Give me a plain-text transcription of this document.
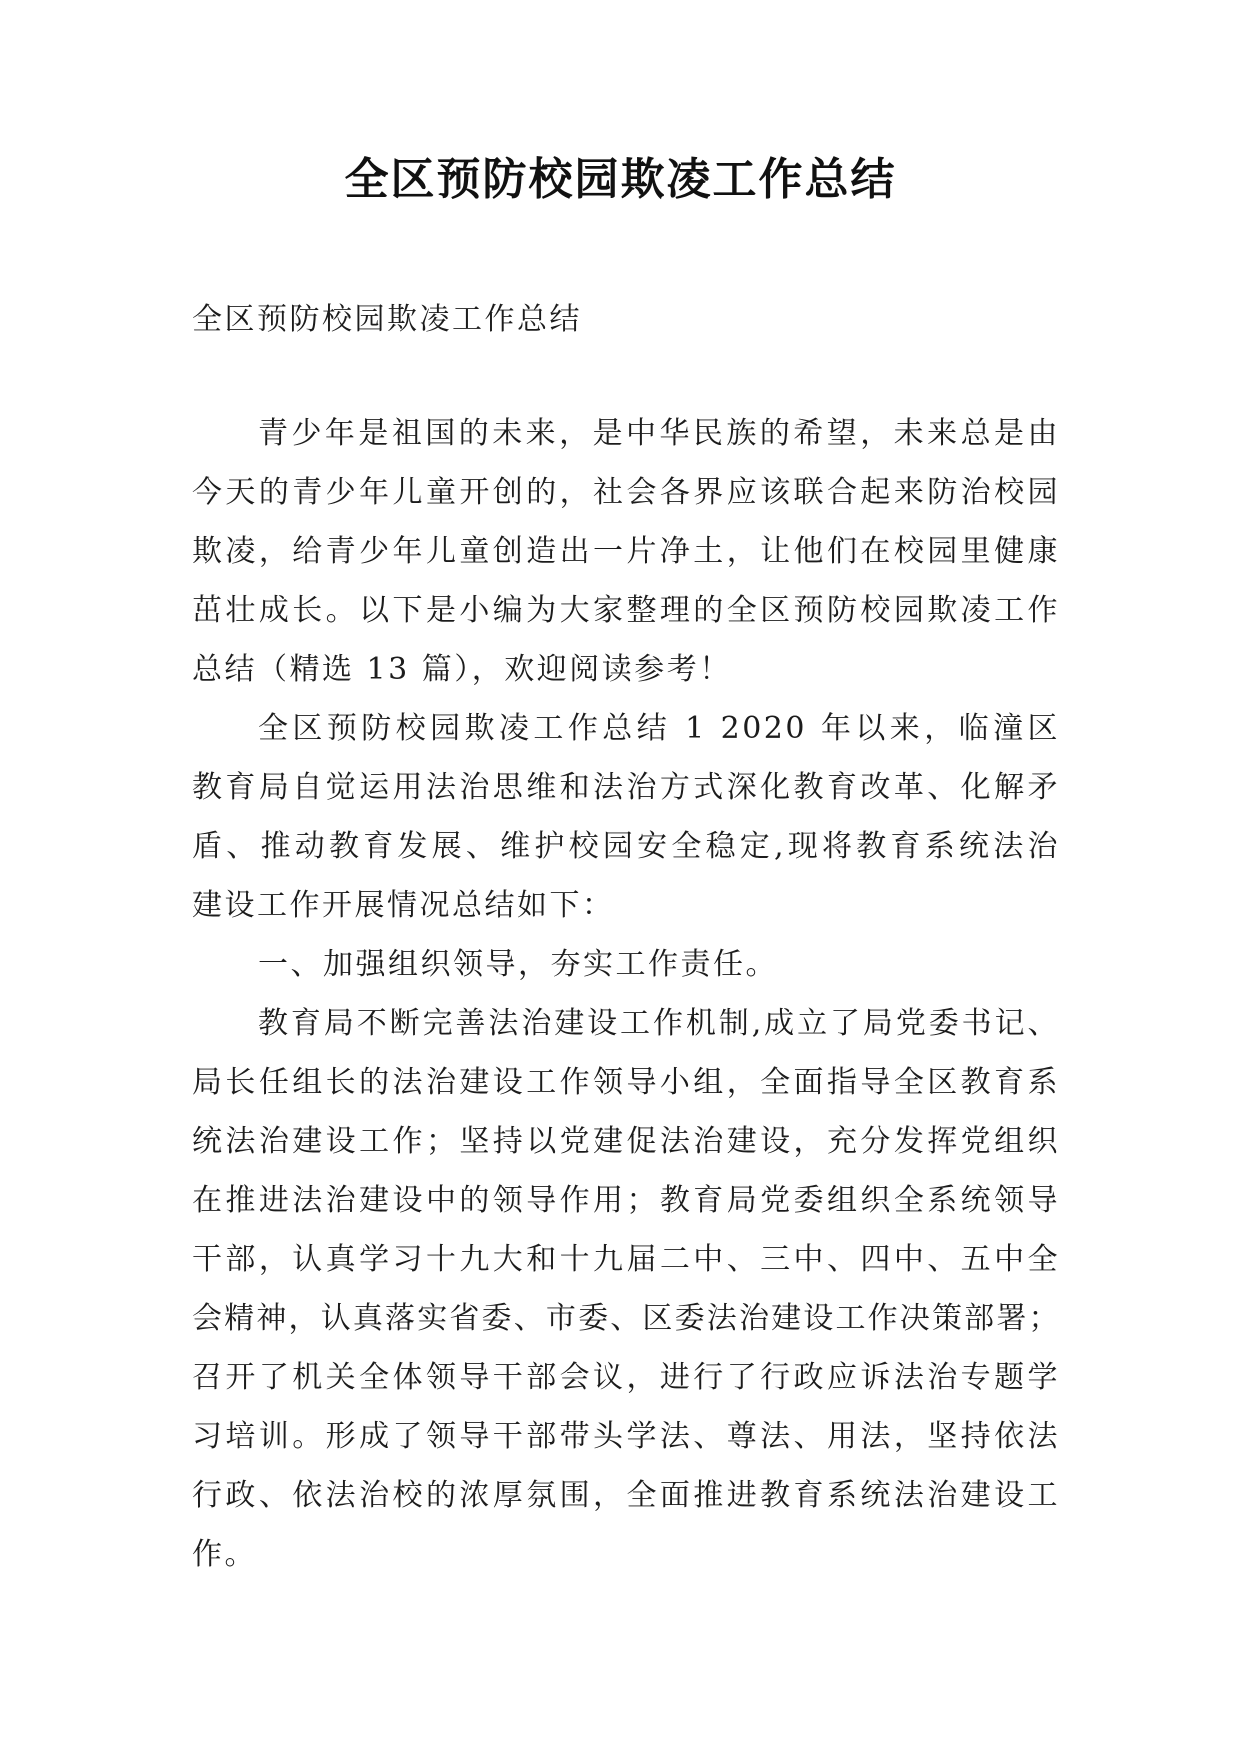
全区预防校园欺凌工作总结
全区预防校园欺凌工作总结
青少年是祖国的未来，是中华民族的希望，未来总是由
今天的青少年儿童开创的，社会各界应该联合起来防治校园
欺凌，给青少年儿童创造出一片净土，让他们在校园里健康
茁壮成长。以下是小编为大家整理的全区预防校园欺凌工作
总结（精选 13 篇），欢迎阅读参考！
全区预防校园欺凌工作总结 1 2020 年以来，临潼区
教育局自觉运用法治思维和法治方式深化教育改革、化解矛
盾、推动教育发展、维护校园安全稳定,现将教育系统法治
建设工作开展情况总结如下：
一、加强组织领导，夯实工作责任。
教育局不断完善法治建设工作机制,成立了局党委书记、
局长任组长的法治建设工作领导小组，全面指导全区教育系
统法治建设工作；坚持以党建促法治建设，充分发挥党组织
在推进法治建设中的领导作用；教育局党委组织全系统领导
干部，认真学习十九大和十九届二中、三中、四中、五中全
会精神，认真落实省委、市委、区委法治建设工作决策部署；
召开了机关全体领导干部会议，进行了行政应诉法治专题学
习培训。形成了领导干部带头学法、尊法、用法，坚持依法
行政、依法治校的浓厚氛围，全面推进教育系统法治建设工
作。
